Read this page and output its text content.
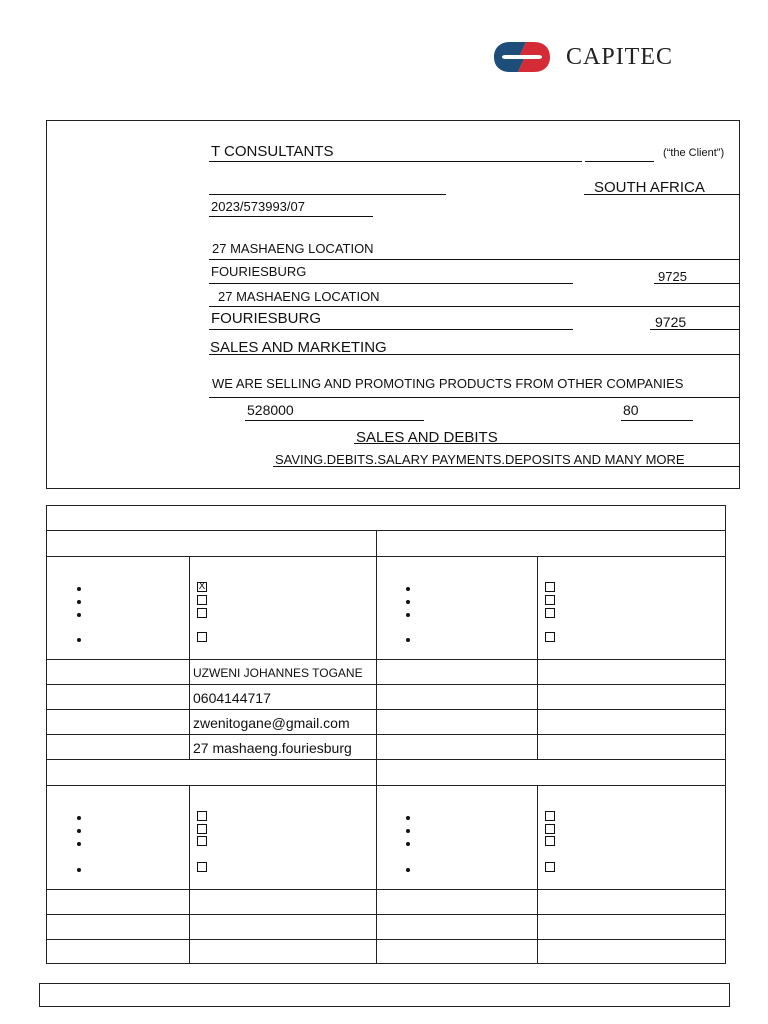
CAPITEC
T CONSULTANTS	(“the Client”)
SOUTH AFRICA
2023/573993/07
27 MASHAENG LOCATION
FOURIESBURG	9725
27 MASHAENG LOCATION
FOURIESBURG	9725
SALES AND MARKETING
WE ARE SELLING AND PROMOTING PRODUCTS FROM OTHER COMPANIES
528000	80
SALES AND DEBITS
SAVING.DEBITS.SALARY PAYMENTS.DEPOSITS AND MANY MORE
X
UZWENI JOHANNES TOGANE
0604144717
zwenitogane@gmail.com
27 mashaeng.fouriesburg
